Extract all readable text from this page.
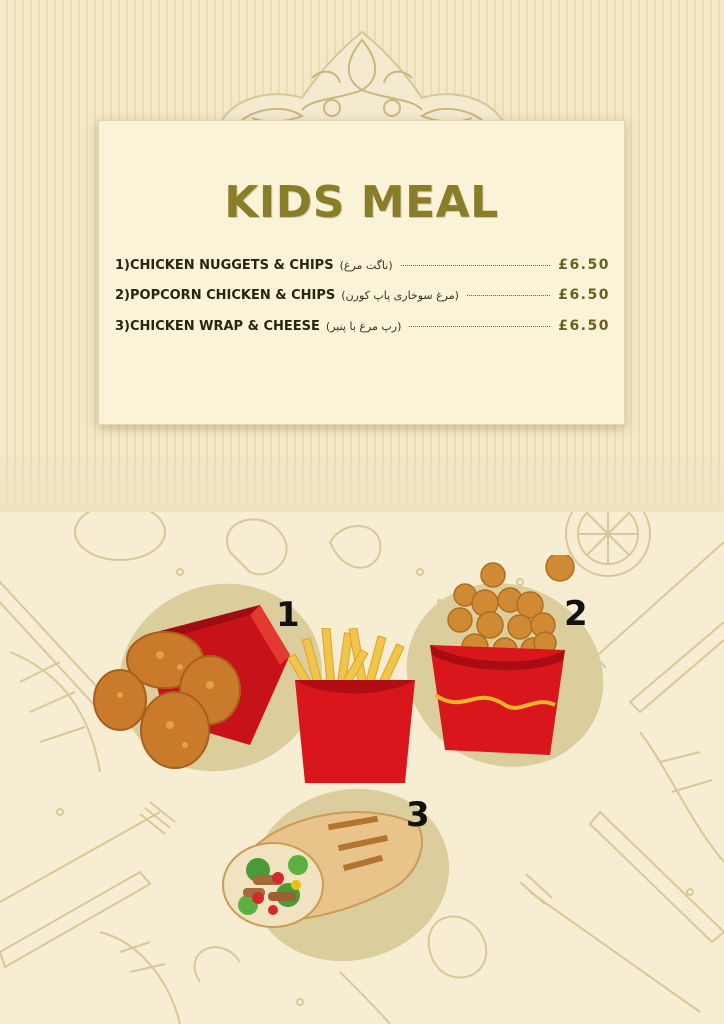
KIDS MEAL
1)CHICKEN NUGGETS & CHIPS (ناگت مرغ)	£6.50
2)POPCORN CHICKEN & CHIPS (مرغ سوخاری پاپ کورن)	£6.50
3)CHICKEN WRAP & CHEESE (رپ مرغ با پنیر)	£6.50
1	2
3
